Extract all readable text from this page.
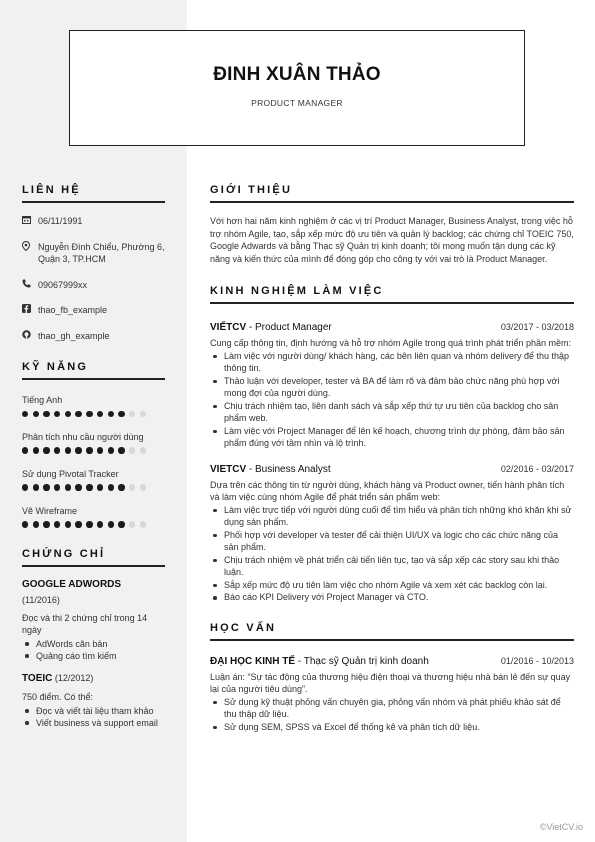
ĐINH XUÂN THẢO
PRODUCT MANAGER
LIÊN HỆ
06/11/1991
Nguyễn Đình Chiểu, Phường 6, Quận 3, TP.HCM
09067999xx
thao_fb_example
thao_gh_example
KỸ NĂNG
Tiếng Anh
Phân tích nhu cầu người dùng
Sử dụng Pivotal Tracker
Vẽ Wireframe
CHỨNG CHỈ
GOOGLE ADWORDS
(11/2016)
Đọc và thi 2 chứng chỉ trong 14 ngày
AdWords căn bản
Quảng cáo tìm kiếm
TOEIC (12/2012)
750 điểm. Có thể:
Đọc và viết tài liệu tham khảo
Viết business và support email
GIỚI THIỆU
Với hơn hai năm kinh nghiệm ở các vị trí Product Manager, Business Analyst, trong việc hỗ trợ nhóm Agile, tạo, sắp xếp mức độ ưu tiên và quản lý backlog; các chứng chỉ TOEIC 750, Google Adwards và bằng Thạc sỹ Quản trị kinh doanh; tôi mong muốn tận dụng các kỹ năng và kiến thức của mình để đóng góp cho công ty với vai trò là Product Manager.
KINH NGHIỆM LÀM VIỆC
VIẾTCV - Product Manager	03/2017 - 03/2018
Cung cấp thông tin, định hướng và hỗ trợ nhóm Agile trong quá trình phát triển phần mềm:
Làm việc với người dùng/ khách hàng, các bên liên quan và nhóm delivery để thu thập thông tin.
Thảo luận với developer, tester và BA để làm rõ và đảm bảo chức năng phù hợp với mong đợi của người dùng.
Chịu trách nhiệm tạo, liên danh sách và sắp xếp thứ tự ưu tiên của backlog cho sản phẩm web.
Làm việc với Project Manager để lên kế hoạch, chương trình dự phòng, đảm bảo sản phẩm đúng với tầm nhìn và lộ trình.
VIETCV - Business Analyst	02/2016 - 03/2017
Dựa trên các thông tin từ người dùng, khách hàng và Product owner, tiến hành phân tích và làm việc cùng nhóm Agile để phát triển sản phẩm web:
Làm việc trực tiếp với người dùng cuối để tìm hiểu và phân tích những khó khăn khi sử dụng sản phẩm.
Phối hợp với developer và tester để cải thiện UI/UX và logic cho các chức năng của sản phẩm.
Chịu trách nhiệm về phát triển cải tiến liên tục, tạo và sắp xếp các story sau khi thảo luận.
Sắp xếp mức độ ưu tiên làm việc cho nhóm Agile và xem xét các backlog còn lại.
Báo cáo KPI Delivery với Project Manager và CTO.
HỌC VẤN
ĐẠI HỌC KINH TẾ - Thạc sỹ Quản trị kinh doanh	01/2016 - 10/2013
Luận án: “Sự tác động của thương hiệu điện thoại và thương hiệu nhà bán lẻ đến sự quay lại của người tiêu dùng”.
Sử dụng kỹ thuật phỏng vấn chuyên gia, phỏng vấn nhóm và phát phiếu khảo sát để thu thập dữ liệu.
Sử dụng SEM, SPSS và Excel để thống kê và phân tích dữ liệu.
©VietCV.io
